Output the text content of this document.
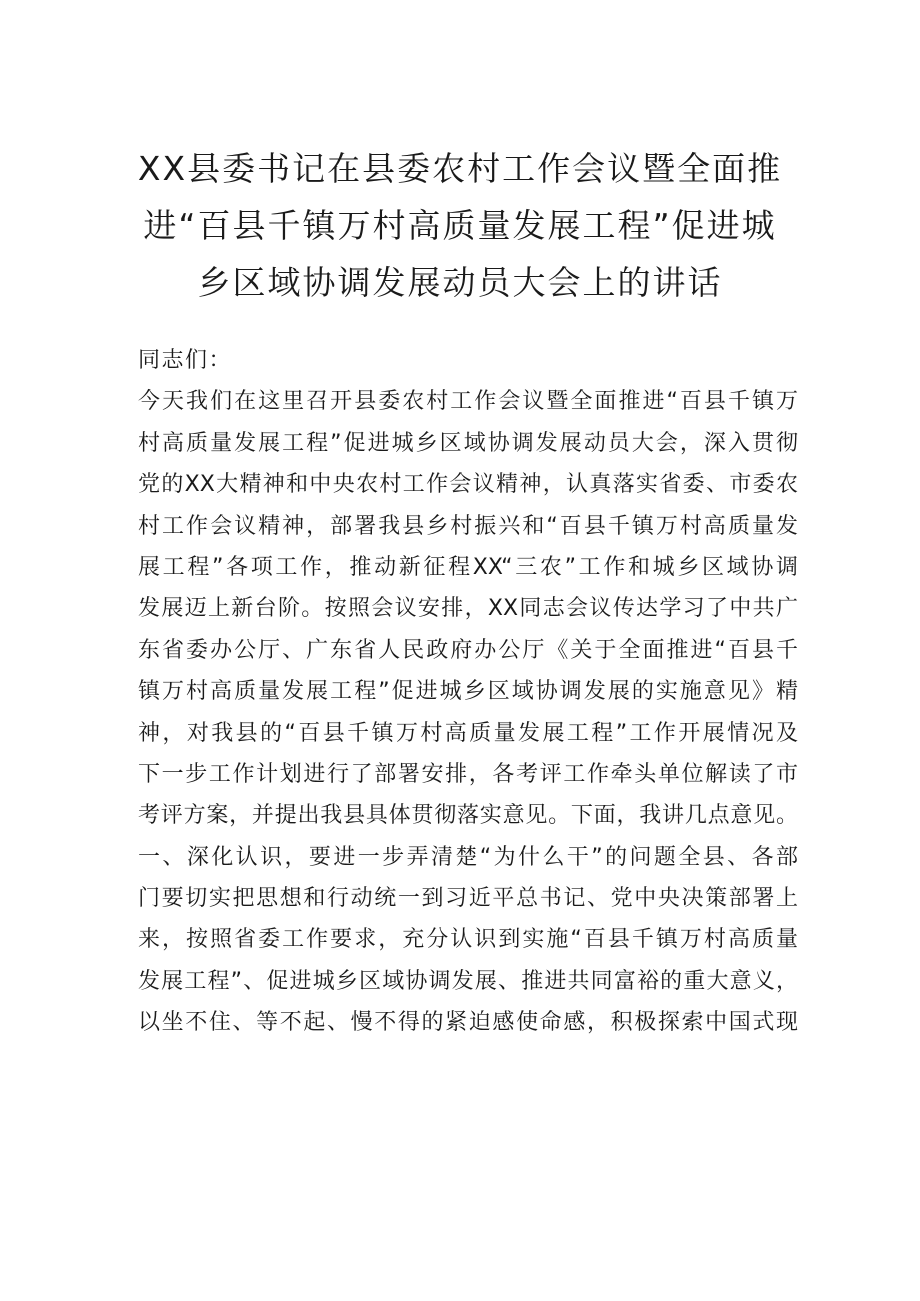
XX县委书记在县委农村工作会议暨全面推
进“百县千镇万村高质量发展工程”促进城
乡区域协调发展动员大会上的讲话
同志们：
今天我们在这里召开县委农村工作会议暨全面推进“百县千镇万
村高质量发展工程”促进城乡区域协调发展动员大会，深入贯彻
党的XX大精神和中央农村工作会议精神，认真落实省委、市委农
村工作会议精神，部署我县乡村振兴和“百县千镇万村高质量发
展工程”各项工作，推动新征程XX“三农”工作和城乡区域协调
发展迈上新台阶。按照会议安排，XX同志会议传达学习了中共广
东省委办公厅、广东省人民政府办公厅《关于全面推进“百县千
镇万村高质量发展工程”促进城乡区域协调发展的实施意见》精
神，对我县的“百县千镇万村高质量发展工程”工作开展情况及
下一步工作计划进行了部署安排，各考评工作牵头单位解读了市
考评方案，并提出我县具体贯彻落实意见。下面，我讲几点意见。
一、深化认识，要进一步弄清楚“为什么干”的问题全县、各部
门要切实把思想和行动统一到习近平总书记、党中央决策部署上
来，按照省委工作要求，充分认识到实施“百县千镇万村高质量
发展工程”、促进城乡区域协调发展、推进共同富裕的重大意义，
以坐不住、等不起、慢不得的紧迫感使命感，积极探索中国式现
